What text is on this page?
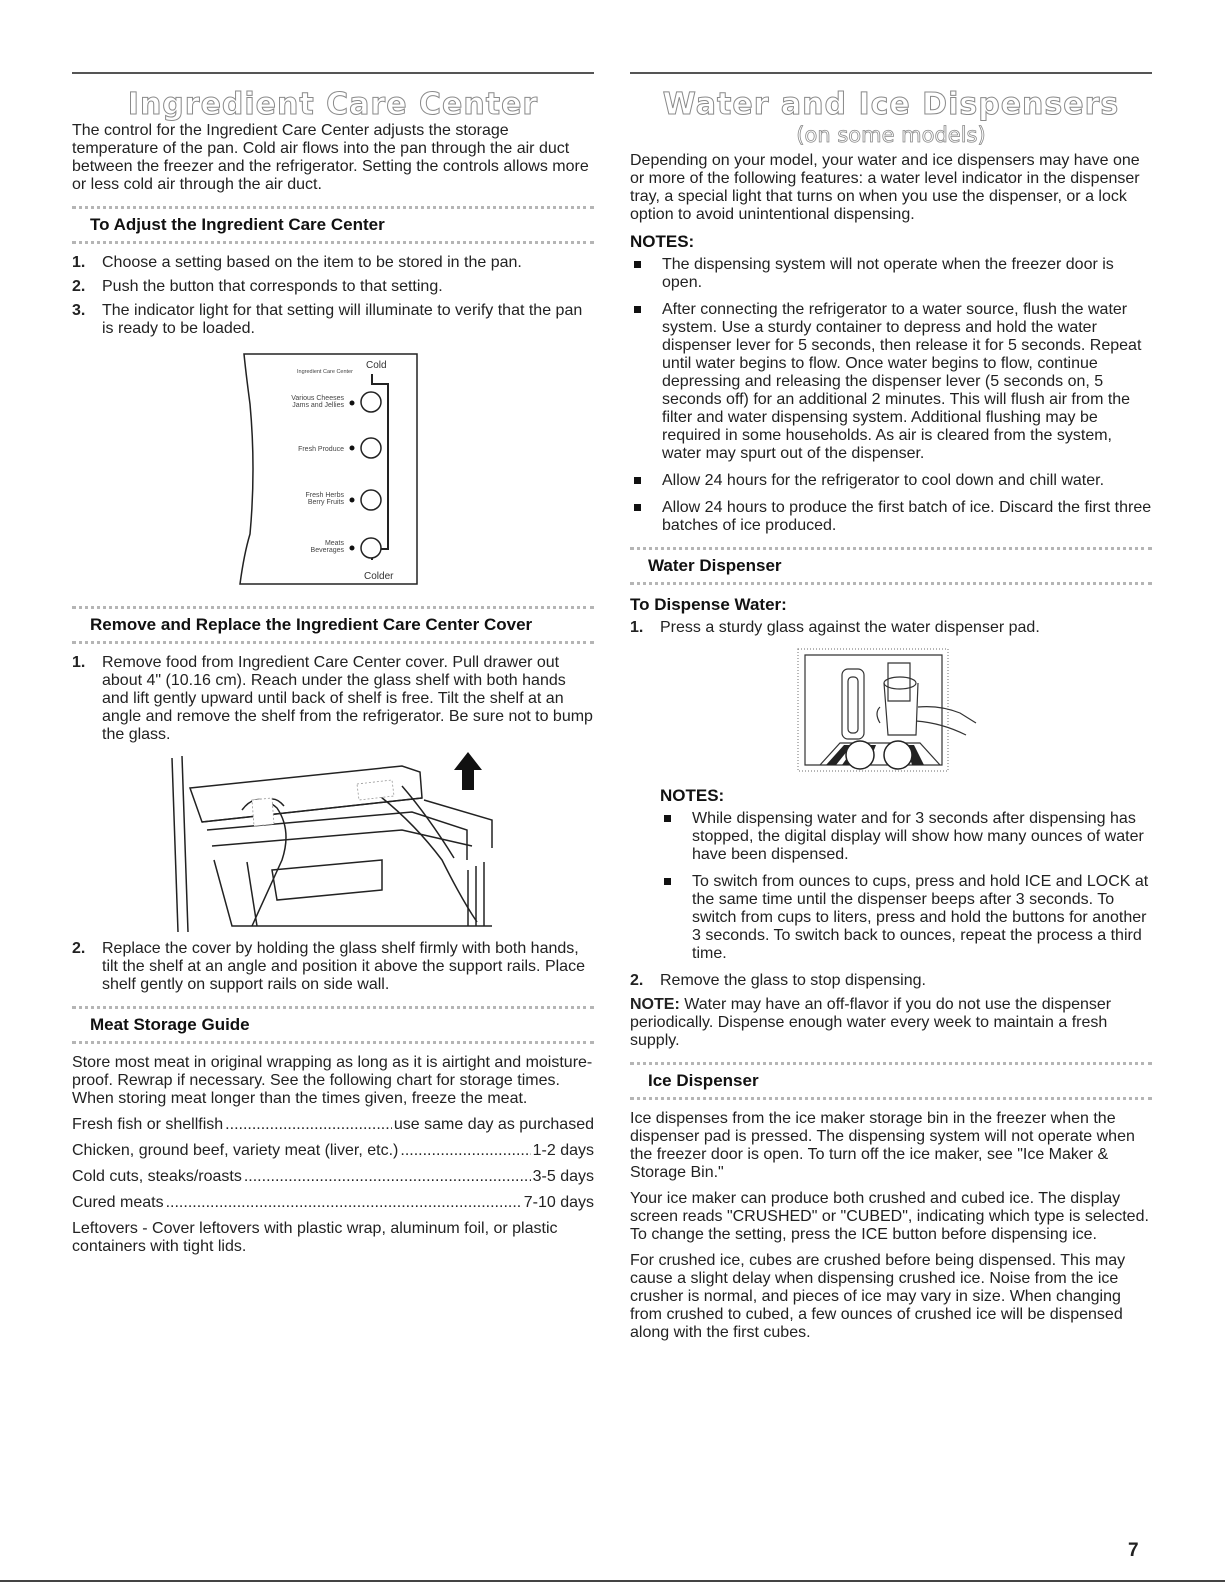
Ingredient Care Center

The control for the Ingredient Care Center adjusts the storage temperature of the pan. Cold air flows into the pan through the air duct between the freezer and the refrigerator. Setting the controls allows more or less cold air through the air duct.

To Adjust the Ingredient Care Center
1. Choose a setting based on the item to be stored in the pan.
2. Push the button that corresponds to that setting.
3. The indicator light for that setting will illuminate to verify that the pan is ready to be loaded.
Ingredient Care Center
Cold
Colder
Various Cheeses
Jams and Jellies
Fresh Produce
Fresh Herbs
Berry Fruits
Meats
Beverages
Remove and Replace the Ingredient Care Center Cover
1. Remove food from Ingredient Care Center cover. Pull drawer out about 4" (10.16 cm). Reach under the glass shelf with both hands and lift gently upward until back of shelf is free. Tilt the shelf at an angle and remove the shelf from the refrigerator. Be sure not to bump the glass.
2. Replace the cover by holding the glass shelf firmly with both hands, tilt the shelf at an angle and position it above the support rails. Place shelf gently on support rails on side wall.
Meat Storage Guide

Store most meat in original wrapping as long as it is airtight and moisture-proof. Rewrap if necessary. See the following chart for storage times. When storing meat longer than the times given, freeze the meat.

Fresh fish or shellfish .....	use same day as purchased
Chicken, ground beef, variety meat (liver, etc.) .....	1-2 days
Cold cuts, steaks/roasts .....	3-5 days
Cured meats .....	7-10 days

Leftovers - Cover leftovers with plastic wrap, aluminum foil, or plastic containers with tight lids.

Water and Ice Dispensers
(on some models)

Depending on your model, your water and ice dispensers may have one or more of the following features: a water level indicator in the dispenser tray, a special light that turns on when you use the dispenser, or a lock option to avoid unintentional dispensing.

NOTES:
The dispensing system will not operate when the freezer door is open.
After connecting the refrigerator to a water source, flush the water system. Use a sturdy container to depress and hold the water dispenser lever for 5 seconds, then release it for 5 seconds. Repeat until water begins to flow. Once water begins to flow, continue depressing and releasing the dispenser lever (5 seconds on, 5 seconds off) for an additional 2 minutes. This will flush air from the filter and water dispensing system. Additional flushing may be required in some households. As air is cleared from the system, water may spurt out of the dispenser.
Allow 24 hours for the refrigerator to cool down and chill water.
Allow 24 hours to produce the first batch of ice. Discard the first three batches of ice produced.
Water Dispenser
To Dispense Water:
1. Press a sturdy glass against the water dispenser pad.
NOTES:
While dispensing water and for 3 seconds after dispensing has stopped, the digital display will show how many ounces of water have been dispensed.
To switch from ounces to cups, press and hold ICE and LOCK at the same time until the dispenser beeps after 3 seconds. To switch from cups to liters, press and hold the buttons for another 3 seconds. To switch back to ounces, repeat the process a third time.
2. Remove the glass to stop dispensing.

NOTE: Water may have an off-flavor if you do not use the dispenser periodically. Dispense enough water every week to maintain a fresh supply.

Ice Dispenser

Ice dispenses from the ice maker storage bin in the freezer when the dispenser pad is pressed. The dispensing system will not operate when the freezer door is open. To turn off the ice maker, see "Ice Maker & Storage Bin."

Your ice maker can produce both crushed and cubed ice. The display screen reads "CRUSHED" or "CUBED", indicating which type is selected. To change the setting, press the ICE button before dispensing ice.

For crushed ice, cubes are crushed before being dispensed. This may cause a slight delay when dispensing crushed ice. Noise from the ice crusher is normal, and pieces of ice may vary in size. When changing from crushed to cubed, a few ounces of crushed ice will be dispensed along with the first cubes.

7
